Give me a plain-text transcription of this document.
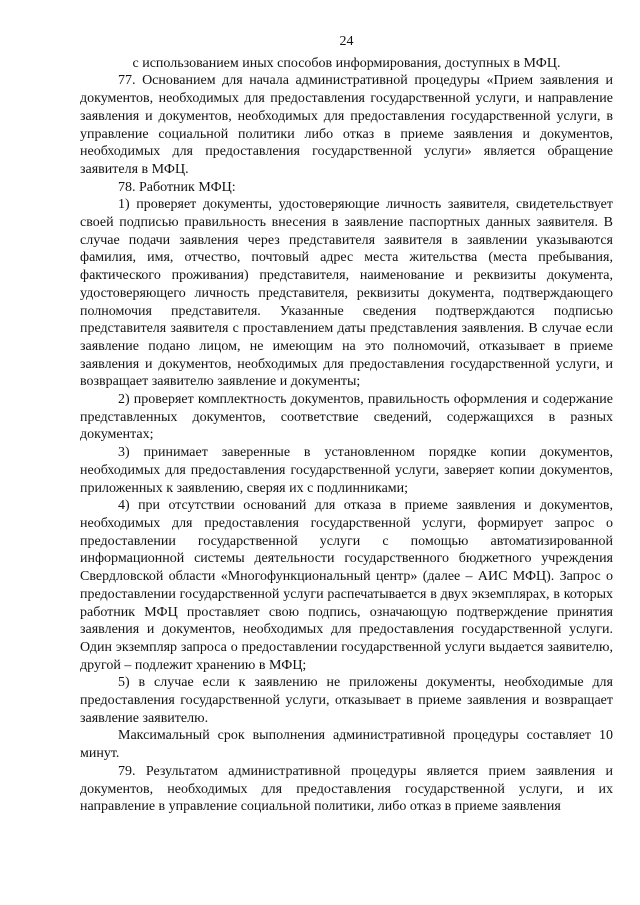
24

с использованием иных способов информирования, доступных в МФЦ.

77. Основанием для начала административной процедуры «Прием заявления и документов, необходимых для предоставления государственной услуги, и направление заявления и документов, необходимых для предоставления государственной услуги, в управление социальной политики либо отказ в приеме заявления и документов, необходимых для предоставления государственной услуги» является обращение заявителя в МФЦ.

78. Работник МФЦ:

1) проверяет документы, удостоверяющие личность заявителя, свидетельствует своей подписью правильность внесения в заявление паспортных данных заявителя. В случае подачи заявления через представителя заявителя в заявлении указываются фамилия, имя, отчество, почтовый адрес места жительства (места пребывания, фактического проживания) представителя, наименование и реквизиты документа, удостоверяющего личность представителя, реквизиты документа, подтверждающего полномочия представителя. Указанные сведения подтверждаются подписью представителя заявителя с проставлением даты представления заявления. В случае если заявление подано лицом, не имеющим на это полномочий, отказывает в приеме заявления и документов, необходимых для предоставления государственной услуги, и возвращает заявителю заявление и документы;

2) проверяет комплектность документов, правильность оформления и содержание представленных документов, соответствие сведений, содержащихся в разных документах;

3) принимает заверенные в установленном порядке копии документов, необходимых для предоставления государственной услуги, заверяет копии документов, приложенных к заявлению, сверяя их с подлинниками;

4) при отсутствии оснований для отказа в приеме заявления и документов, необходимых для предоставления государственной услуги, формирует запрос о предоставлении государственной услуги с помощью автоматизированной информационной системы деятельности государственного бюджетного учреждения Свердловской области «Многофункциональный центр» (далее – АИС МФЦ). Запрос о предоставлении государственной услуги распечатывается в двух экземплярах, в которых работник МФЦ проставляет свою подпись, означающую подтверждение принятия заявления и документов, необходимых для предоставления государственной услуги. Один экземпляр запроса о предоставлении государственной услуги выдается заявителю, другой – подлежит хранению в МФЦ;

5) в случае если к заявлению не приложены документы, необходимые для предоставления государственной услуги, отказывает в приеме заявления и возвращает заявление заявителю.

Максимальный срок выполнения административной процедуры составляет 10 минут.

79. Результатом административной процедуры является прием заявления и документов, необходимых для предоставления государственной услуги, и их направление в управление социальной политики, либо отказ в приеме заявления
